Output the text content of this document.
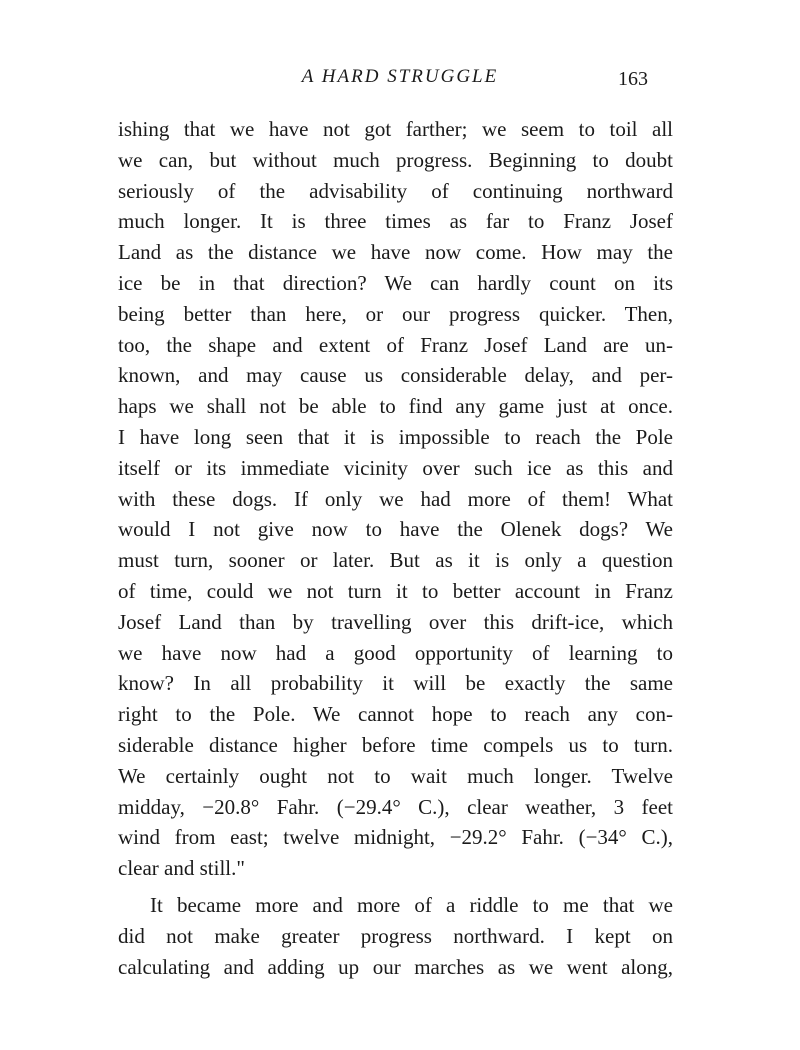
A HARD STRUGGLE	163
ishing that we have not got farther; we seem to toil all
we can, but without much progress. Beginning to doubt
seriously of the advisability of continuing northward
much longer. It is three times as far to Franz Josef
Land as the distance we have now come. How may the
ice be in that direction? We can hardly count on its
being better than here, or our progress quicker. Then,
too, the shape and extent of Franz Josef Land are un-
known, and may cause us considerable delay, and per-
haps we shall not be able to find any game just at once.
I have long seen that it is impossible to reach the Pole
itself or its immediate vicinity over such ice as this and
with these dogs. If only we had more of them! What
would I not give now to have the Olenek dogs? We
must turn, sooner or later. But as it is only a question
of time, could we not turn it to better account in Franz
Josef Land than by travelling over this drift-ice, which
we have now had a good opportunity of learning to
know? In all probability it will be exactly the same
right to the Pole. We cannot hope to reach any con-
siderable distance higher before time compels us to turn.
We certainly ought not to wait much longer. Twelve
midday, −20.8° Fahr. (−29.4° C.), clear weather, 3 feet
wind from east; twelve midnight, −29.2° Fahr. (−34° C.),
clear and still."
It became more and more of a riddle to me that we
did not make greater progress northward. I kept on
calculating and adding up our marches as we went along,
